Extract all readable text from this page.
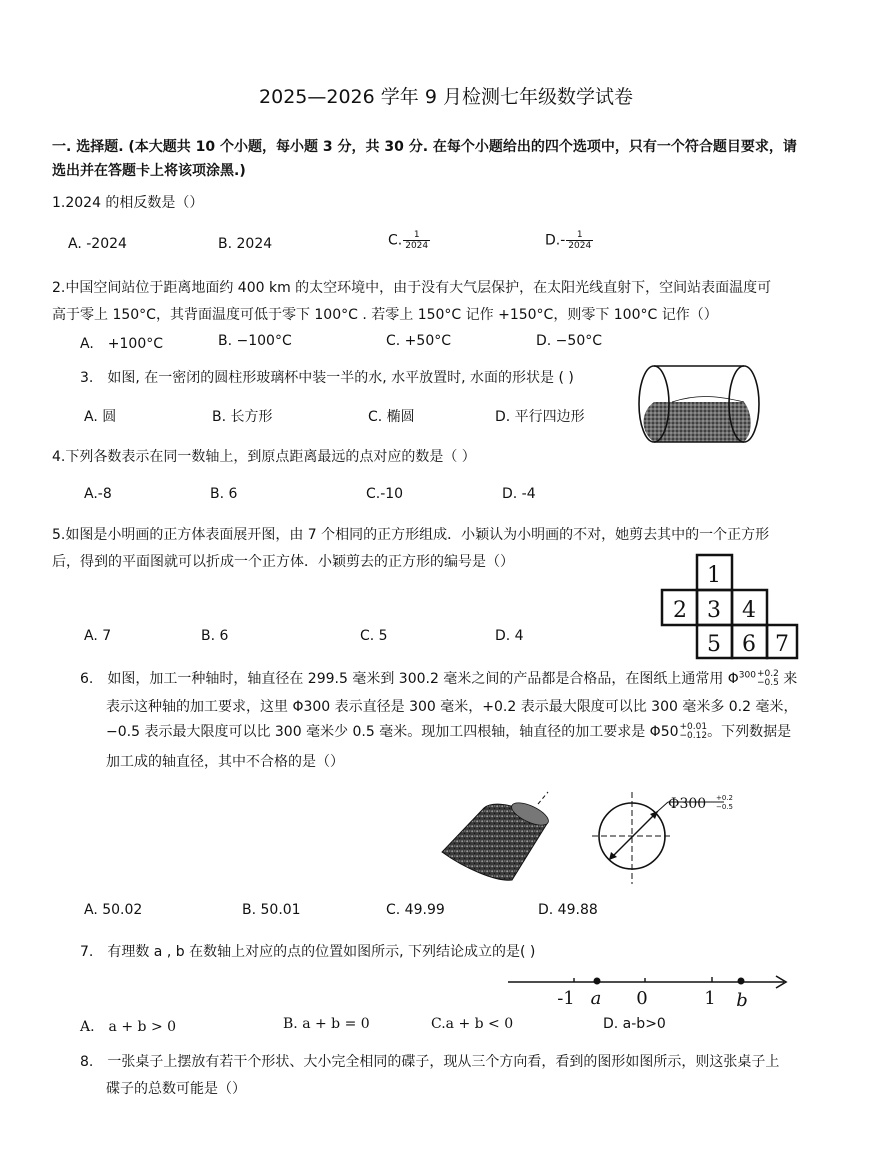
2025—2026 学年 9 月检测七年级数学试卷
一. 选择题. (本大题共 10 个小题，每小题 3 分，共 30 分. 在每个小题给出的四个选项中，只有一个符合题目要求，请
选出并在答题卡上将该项涂黑.)
1.2024 的相反数是（）
A. -2024	B. 2024	C. $\frac{1}{2024}$	$D.- \frac{1}{2024}$
2.中国空间站位于距离地面约 400 km 的太空环境中，由于没有大气层保护，在太阳光线直射下，空间站表面温度可
高于零上 150°C，其背面温度可低于零下 100°C . 若零上 150°C 记作 +150°C，则零下 100°C 记作（）
A.　+100°C	B. −100°C	C. +50°C	D. −50°C
3.　如图, 在一密闭的圆柱形玻璃杯中装一半的水, 水平放置时, 水面的形状是 ( )
A. 圆	B. 长方形	C. 椭圆	D. 平行四边形
4.下列各数表示在同一数轴上，到原点距离最远的点对应的数是（ ）
A.-8	B. 6	C.-10	D. -4
5.如图是小明画的正方体表面展开图，由 7 个相同的正方形组成．小颖认为小明画的不对，她剪去其中的一个正方形
后，得到的平面图就可以折成一个正方体．小颖剪去的正方形的编号是（）
A. 7	B. 6	C. 5	D. 4
1
2 3 4
5 6 7
6.　如图，加工一种轴时，轴直径在 299.5 毫米到 300.2 毫米之间的产品都是合格品，在图纸上通常用 $\Phi^{300} +0.2$
−0.5 来
表示这种轴的加工要求，这里 Φ300 表示直径是 300 毫米，+0.2 表示最大限度可以比 300 毫米多 0.2 毫米，
−0.5 表示最大限度可以比 300 毫米少 0.5 毫米。现加工四根轴，轴直径的加工要求是 Φ50 +0.01
−0.12 。下列数据是
加工成的轴直径，其中不合格的是（）
Φ300 +0.2
−0.5
A. 50.02	B. 50.01	C. 49.99	D. 49.88
7.　有理数 a , b 在数轴上对应的点的位置如图所示, 下列结论成立的是( )
-1 a 0	1 b
A.　a + b > 0	B. a + b = 0	C.a + b < 0	D. a-b>0
8.　一张桌子上摆放有若干个形状、大小完全相同的碟子，现从三个方向看，看到的图形如图所示，则这张桌子上
碟子的总数可能是（）
